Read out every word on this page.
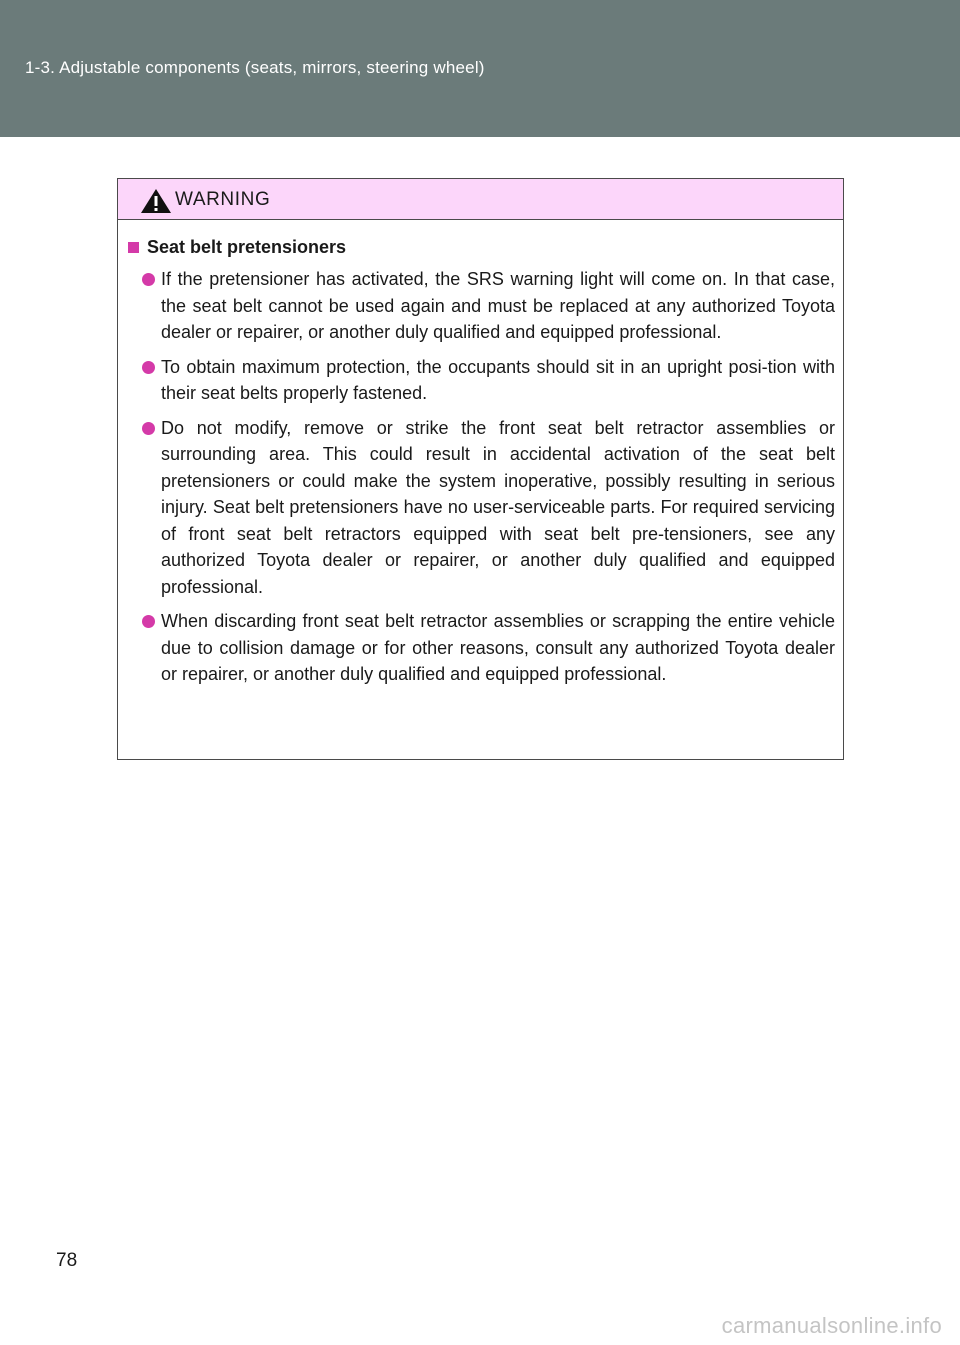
1-3. Adjustable components (seats, mirrors, steering wheel)
WARNING
Seat belt pretensioners
If the pretensioner has activated, the SRS warning light will come on. In that case, the seat belt cannot be used again and must be replaced at any authorized Toyota dealer or repairer, or another duly qualified and equipped professional.
To obtain maximum protection, the occupants should sit in an upright posi-tion with their seat belts properly fastened.
Do not modify, remove or strike the front seat belt retractor assemblies or surrounding area. This could result in accidental activation of the seat belt pretensioners or could make the system inoperative, possibly resulting in serious injury. Seat belt pretensioners have no user-serviceable parts. For required servicing of front seat belt retractors equipped with seat belt pre-tensioners, see any authorized Toyota dealer or repairer, or another duly qualified and equipped professional.
When discarding front seat belt retractor assemblies or scrapping the entire vehicle due to collision damage or for other reasons, consult any authorized Toyota dealer or repairer, or another duly qualified and equipped professional.
78
carmanualsonline.info
